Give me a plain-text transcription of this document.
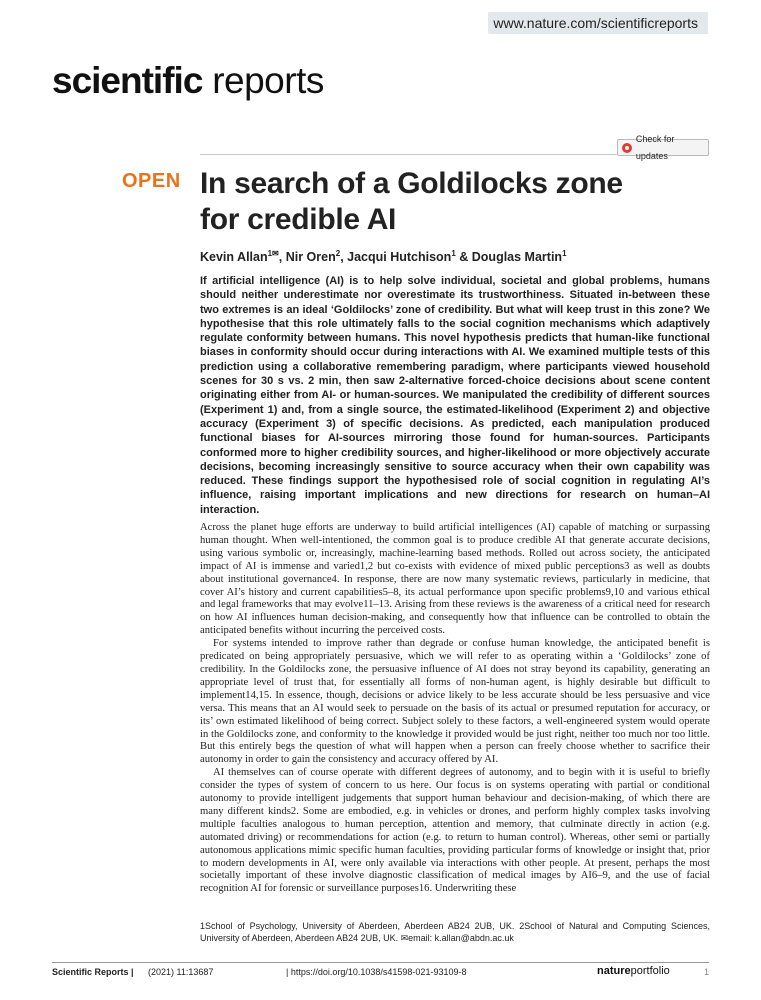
www.nature.com/scientificreports
scientific reports
Check for updates
OPEN In search of a Goldilocks zone
for credible AI
Kevin Allan$^{1✉}$, Nir Oren$^2$, Jacqui Hutchison$^1$ & Douglas Martin$^1$
If artificial intelligence (AI) is to help solve individual, societal and global problems, humans should neither underestimate nor overestimate its trustworthiness. Situated in-between these two extremes is an ideal ‘Goldilocks’ zone of credibility. But what will keep trust in this zone? We hypothesise that this role ultimately falls to the social cognition mechanisms which adaptively regulate conformity between humans. This novel hypothesis predicts that human-like functional biases in conformity should occur during interactions with AI. We examined multiple tests of this prediction using a collaborative remembering paradigm, where participants viewed household scenes for 30 s vs. 2 min, then saw 2-alternative forced-choice decisions about scene content originating either from AI- or human-sources. We manipulated the credibility of different sources (Experiment 1) and, from a single source, the estimated-likelihood (Experiment 2) and objective accuracy (Experiment 3) of specific decisions. As predicted, each manipulation produced functional biases for AI-sources mirroring those found for human-sources. Participants conformed more to higher credibility sources, and higher-likelihood or more objectively accurate decisions, becoming increasingly sensitive to source accuracy when their own capability was reduced. These findings support the hypothesised role of social cognition in regulating AI’s influence, raising important implications and new directions for research on human–AI interaction.

Across the planet huge efforts are underway to build artificial intelligences (AI) capable of matching or surpassing human thought. When well-intentioned, the common goal is to produce credible AI that generate accurate decisions, using various symbolic or, increasingly, machine-learning based methods. Rolled out across society, the anticipated impact of AI is immense and varied1,2 but co-exists with evidence of mixed public perceptions3 as well as doubts about institutional governance4. In response, there are now many systematic reviews, particularly in medicine, that cover AI’s history and current capabilities5–8, its actual performance upon specific problems9,10 and various ethical and legal frameworks that may evolve11–13. Arising from these reviews is the awareness of a critical need for research on how AI influences human decision-making, and consequently how that influence can be controlled to obtain the anticipated benefits without incurring the perceived costs.

For systems intended to improve rather than degrade or confuse human knowledge, the anticipated benefit is predicated on being appropriately persuasive, which we will refer to as operating within a ‘Goldilocks’ zone of credibility. In the Goldilocks zone, the persuasive influence of AI does not stray beyond its capability, generating an appropriate level of trust that, for essentially all forms of non-human agent, is highly desirable but difficult to implement14,15. In essence, though, decisions or advice likely to be less accurate should be less persuasive and vice versa. This means that an AI would seek to persuade on the basis of its actual or presumed reputation for accuracy, or its’ own estimated likelihood of being correct. Subject solely to these factors, a well-engineered system would operate in the Goldilocks zone, and conformity to the knowledge it provided would be just right, neither too much nor too little. But this entirely begs the question of what will happen when a person can freely choose whether to sacrifice their autonomy in order to gain the consistency and accuracy offered by AI.

AI themselves can of course operate with different degrees of autonomy, and to begin with it is useful to briefly consider the types of system of concern to us here. Our focus is on systems operating with partial or conditional autonomy to provide intelligent judgements that support human behaviour and decision-making, of which there are many different kinds2. Some are embodied, e.g. in vehicles or drones, and perform highly complex tasks involving multiple faculties analogous to human perception, attention and memory, that culminate directly in action (e.g. automated driving) or recommendations for action (e.g. to return to human control). Whereas, other semi or partially autonomous applications mimic specific human faculties, providing particular forms of knowledge or insight that, prior to modern developments in AI, were only available via interactions with other people. At present, perhaps the most societally important of these involve diagnostic classification of medical images by AI6–9, and the use of facial recognition AI for forensic or surveillance purposes16. Underwriting these

1School of Psychology, University of Aberdeen, Aberdeen AB24 2UB, UK. 2School of Natural and Computing Sciences, University of Aberdeen, Aberdeen AB24 2UB, UK. ✉email: k.allan@abdn.ac.uk
Scientific Reports | (2021) 11:13687	| https://doi.org/10.1038/s41598-021-93109-8	natureportfolio	1
